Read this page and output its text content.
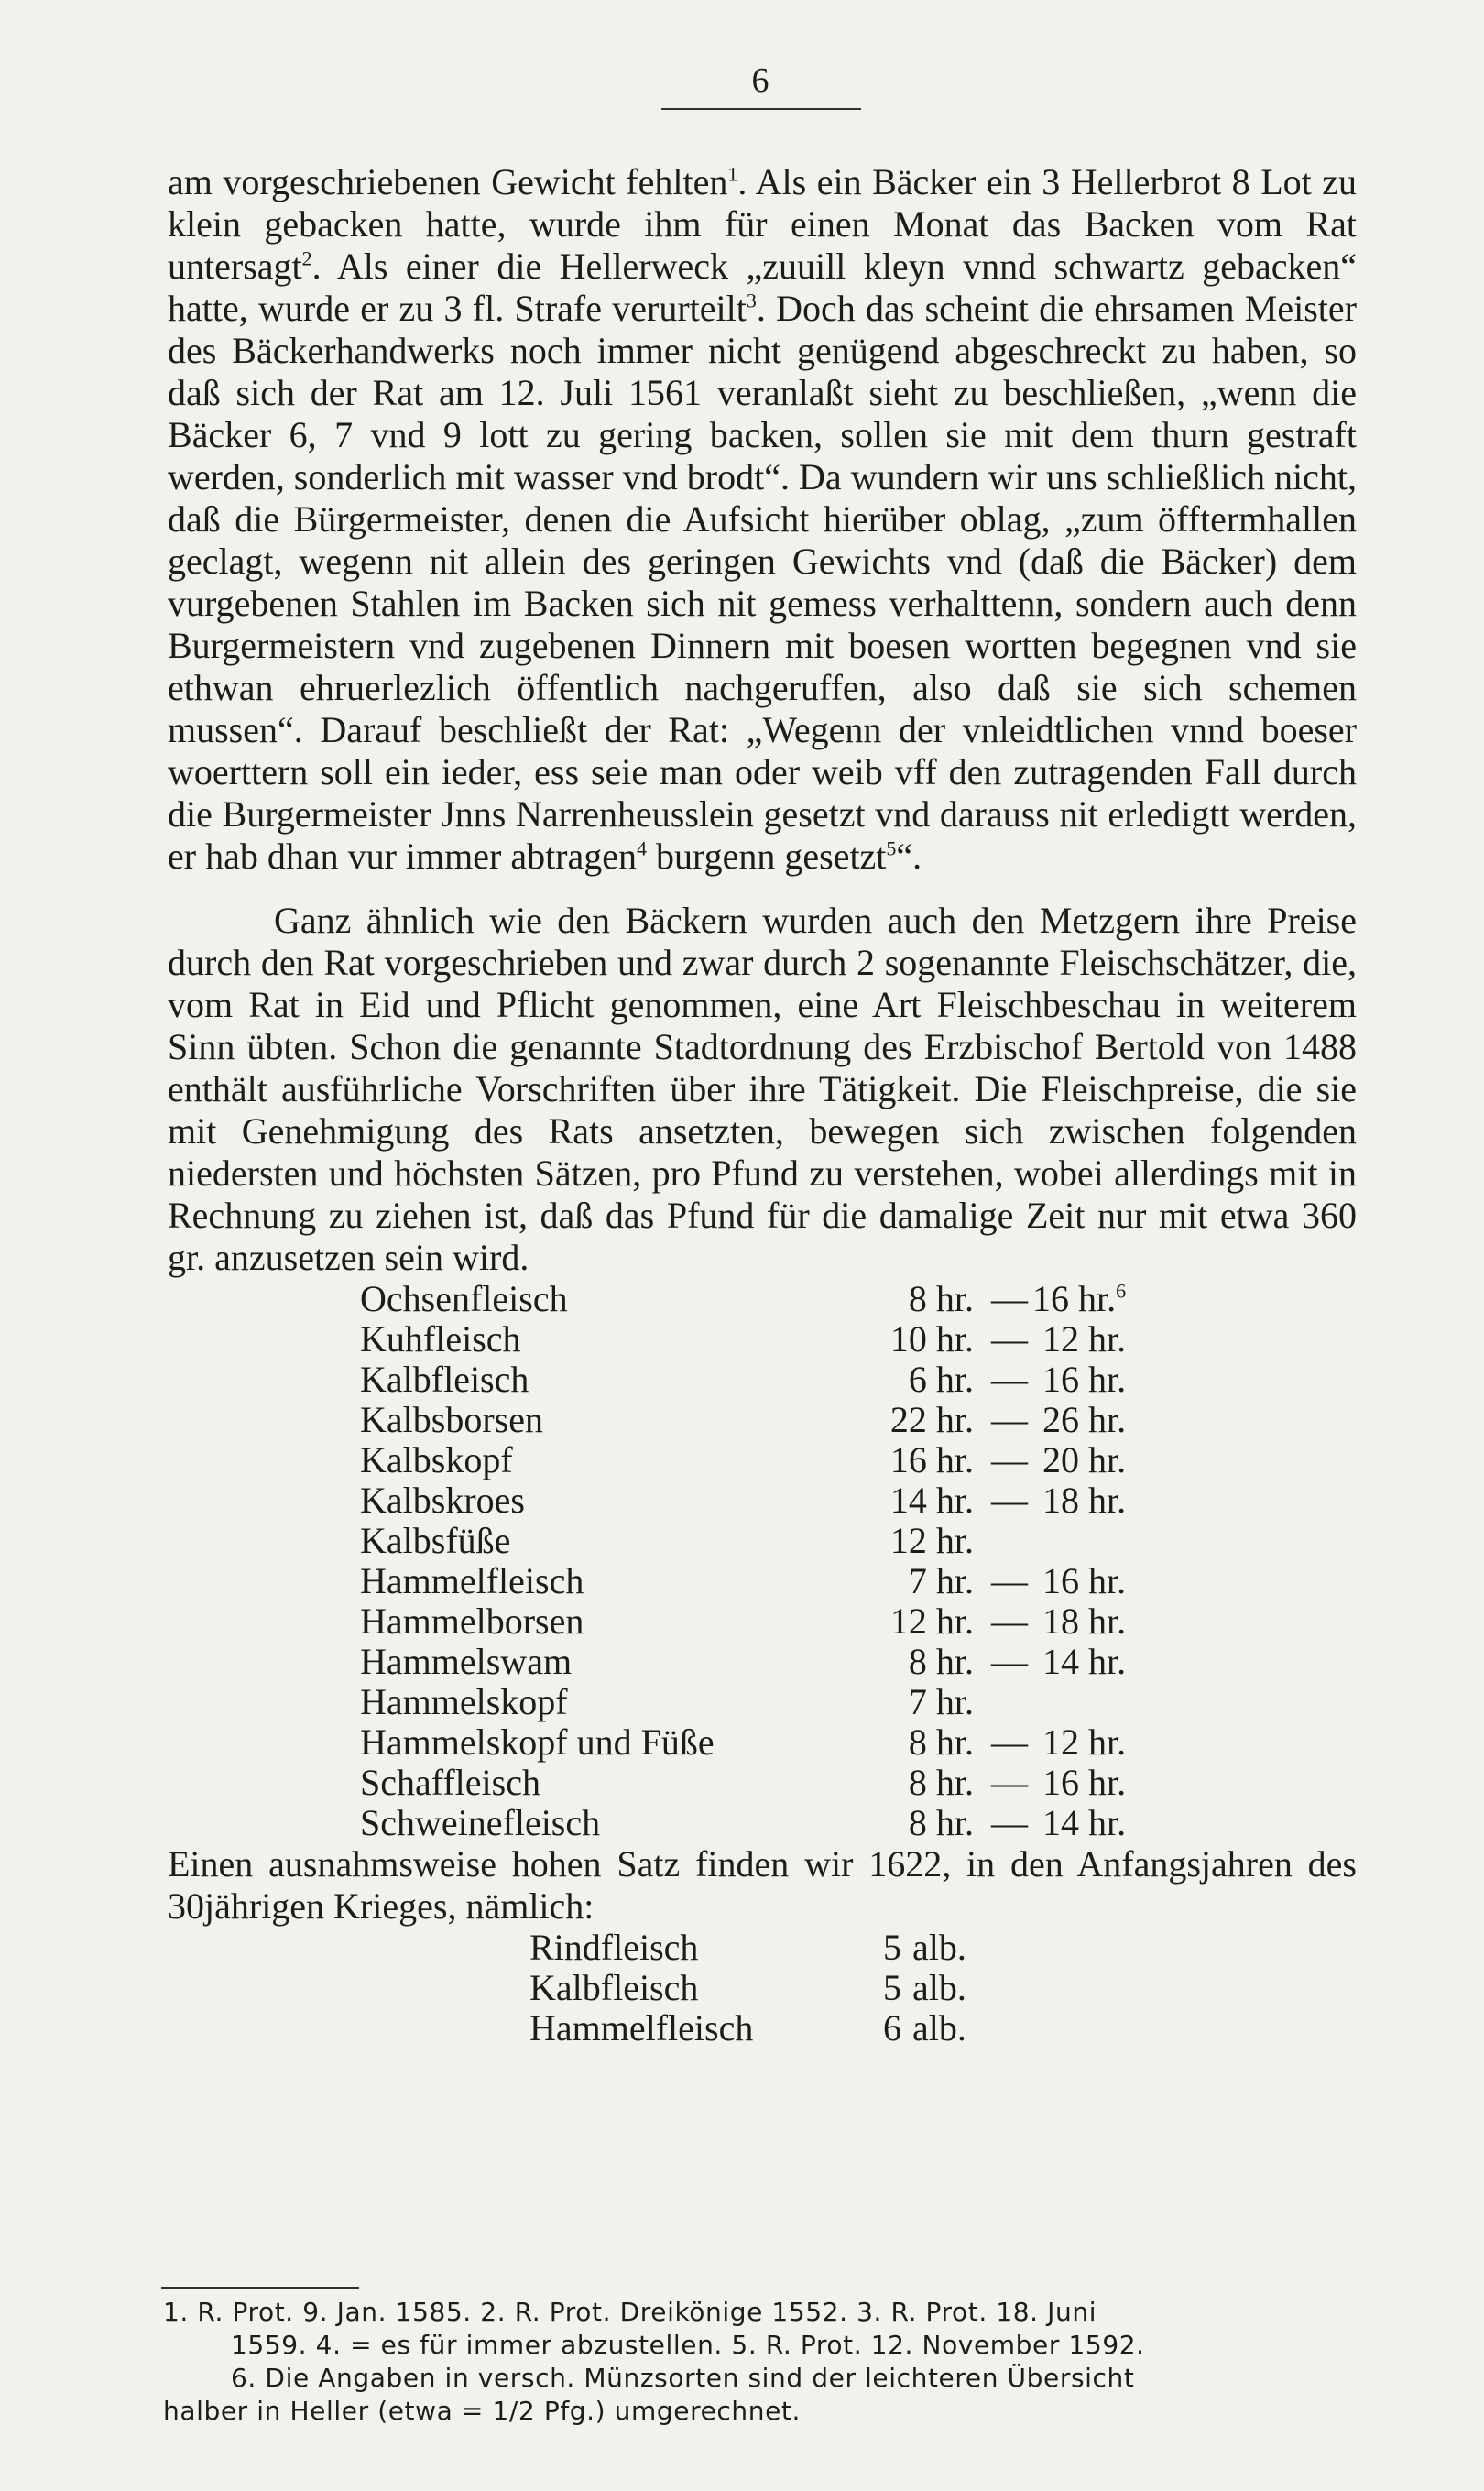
6

am vorgeschriebenen Gewicht fehlten$^1$. Als ein Bäcker ein 3 Hellerbrot 8 Lot zu klein gebacken hatte, wurde ihm für einen Monat das Backen vom Rat untersagt$^2$. Als einer die Hellerweck „zuuill kleyn vnnd schwartz gebacken“ hatte, wurde er zu 3 fl. Strafe verurteilt$^3$. Doch das scheint die ehrsamen Meister des Bäckerhandwerks noch immer nicht genügend abgeschreckt zu haben, so daß sich der Rat am 12. Juli 1561 veranlaßt sieht zu beschließen, „wenn die Bäcker 6, 7 vnd 9 lott zu gering backen, sollen sie mit dem thurn gestraft werden, sonderlich mit wasser vnd brodt“. Da wundern wir uns schließlich nicht, daß die Bürgermeister, denen die Aufsicht hierüber oblag, „zum öfftermhallen geclagt, wegenn nit allein des geringen Gewichts vnd (daß die Bäcker) dem vurgebenen Stahlen im Backen sich nit gemess verhalttenn, sondern auch denn Burgermeistern vnd zugebenen Dinnern mit boesen wortten begegnen vnd sie ethwan ehruerlezlich öffentlich nachgeruffen, also daß sie sich schemen mussen“. Darauf beschließt der Rat: „Wegenn der vnleidtlichen vnnd boeser woerttern soll ein ieder, ess seie man oder weib vff den zutragenden Fall durch die Burgermeister Jnns Narrenheusslein gesetzt vnd darauss nit erledigtt werden, er hab dhan vur immer abtragen$^4$ burgenn gesetzt$^5$“.

Ganz ähnlich wie den Bäckern wurden auch den Metzgern ihre Preise durch den Rat vorgeschrieben und zwar durch 2 sogenannte Fleischschätzer, die, vom Rat in Eid und Pflicht genommen, eine Art Fleischbeschau in weiterem Sinn übten. Schon die genannte Stadtordnung des Erzbischof Bertold von 1488 enthält ausführliche Vorschriften über ihre Tätigkeit. Die Fleischpreise, die sie mit Genehmigung des Rats ansetzten, bewegen sich zwischen folgenden niedersten und höchsten Sätzen, pro Pfund zu verstehen, wobei allerdings mit in Rechnung zu ziehen ist, daß das Pfund für die damalige Zeit nur mit etwa 360 gr. anzusetzen sein wird.

Ochsenfleisch	8 hr.	—	16 hr.$^6$
Kuhfleisch	10 hr.	—	12 hr.
Kalbfleisch	6 hr.	—	16 hr.
Kalbsborsen	22 hr.	—	26 hr.
Kalbskopf	16 hr.	—	20 hr.
Kalbskroes	14 hr.	—	18 hr.
Kalbsfüße	12 hr.		
Hammelfleisch	7 hr.	—	16 hr.
Hammelborsen	12 hr.	—	18 hr.
Hammelswam	8 hr.	—	14 hr.
Hammelskopf	7 hr.		
Hammelskopf und Füße	8 hr.	—	12 hr.
Schaffleisch	8 hr.	—	16 hr.
Schweinefleisch	8 hr.	—	14 hr.

Einen ausnahmsweise hohen Satz finden wir 1622, in den Anfangsjahren des 30jährigen Krieges, nämlich:

Rindfleisch	5	alb.
Kalbfleisch	5	alb.
Hammelfleisch	6	alb.

1. R. Prot. 9. Jan. 1585. 2. R. Prot. Dreikönige 1552. 3. R. Prot. 18. Juni

1559. 4. = es für immer abzustellen. 5. R. Prot. 12. November 1592.

6. Die Angaben in versch. Münzsorten sind der leichteren Übersicht

halber in Heller (etwa = 1/2 Pfg.) umgerechnet.
